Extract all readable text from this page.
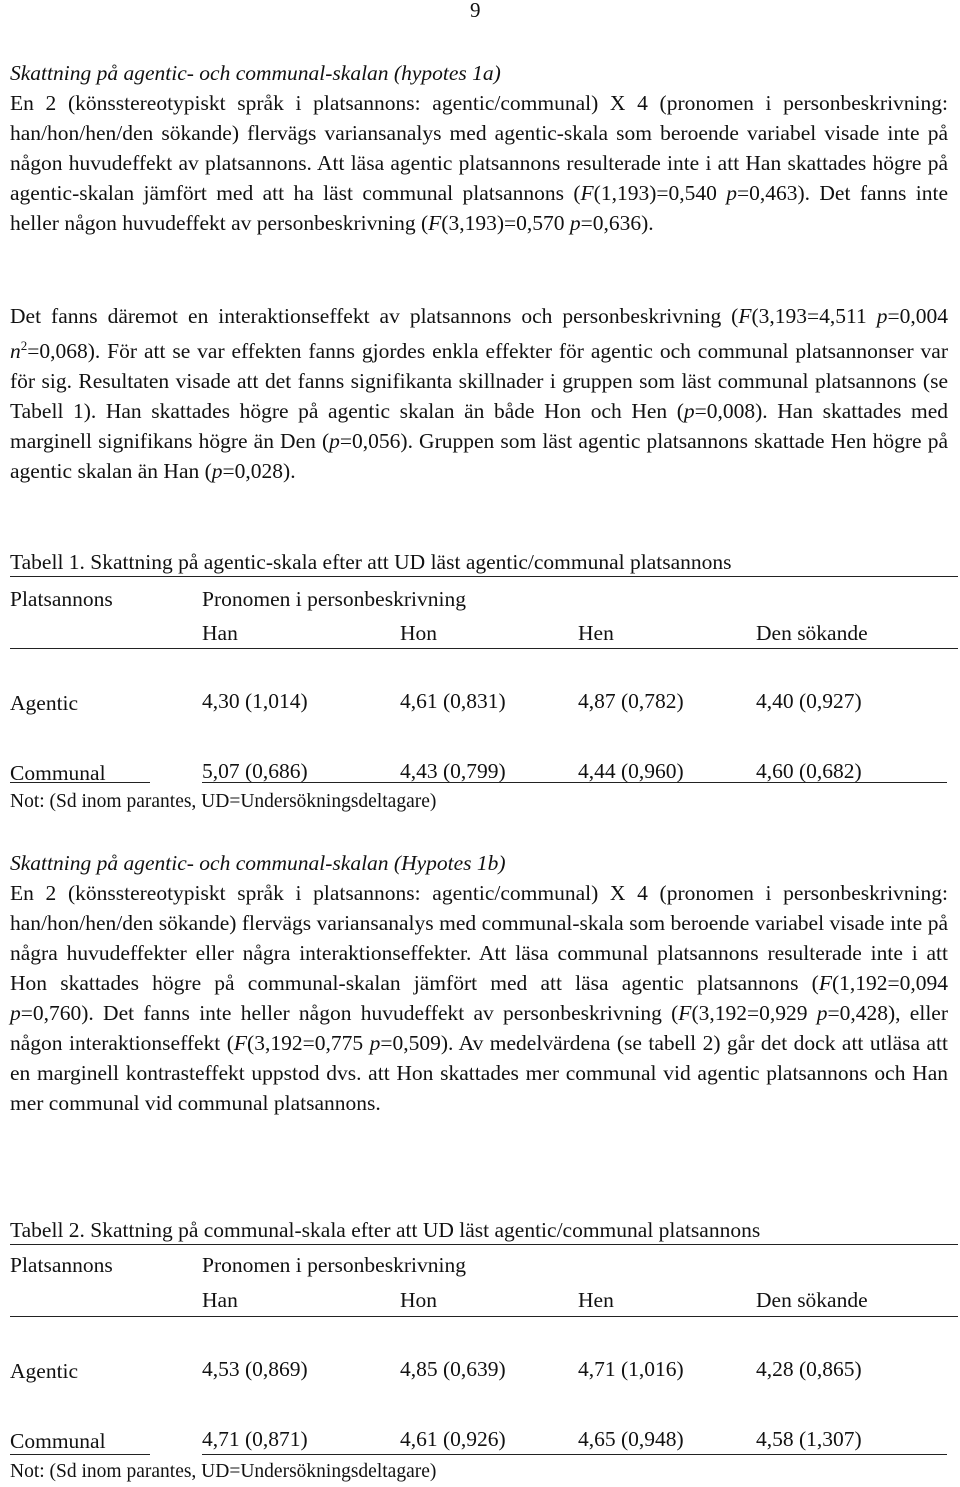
9
Skattning på agentic- och communal-skalan (hypotes 1a)

En 2 (könsstereotypiskt språk i platsannons: agentic/communal) X 4 (pronomen i personbeskrivning: han/hon/hen/den sökande) flervägs variansanalys med agentic-skala som beroende variabel visade inte på någon huvudeffekt av platsannons. Att läsa agentic platsannons resulterade inte i att Han skattades högre på agentic-skalan jämfört med att ha läst communal platsannons (F(1,193)=0,540 p=0,463). Det fanns inte heller någon huvudeffekt av personbeskrivning (F(3,193)=0,570 p=0,636).

Det fanns däremot en interaktionseffekt av platsannons och personbeskrivning (F(3,193=4,511 p=0,004 $n^2=0,068$). För att se var effekten fanns gjordes enkla effekter för agentic och communal platsannonser var för sig. Resultaten visade att det fanns signifikanta skillnader i gruppen som läst communal platsannons (se Tabell 1). Han skattades högre på agentic skalan än både Hon och Hen (p=0,008). Han skattades med marginell signifikans högre än Den (p=0,056). Gruppen som läst agentic platsannons skattade Hen högre på agentic skalan än Han (p=0,028).

Tabell 1. Skattning på agentic-skala efter att UD läst agentic/communal platsannons
Platsannons	Pronomen i personbeskrivning
Han	Hon	Hen	Den sökande
Agentic	4,30 (1,014)	4,61 (0,831)	4,87 (0,782)	4,40 (0,927)
Communal	5,07 (0,686)	4,43 (0,799)	4,44 (0,960)	4,60 (0,682)
Not: (Sd inom parantes, UD=Undersökningsdeltagare)
Skattning på agentic- och communal-skalan (Hypotes 1b)

En 2 (könsstereotypiskt språk i platsannons: agentic/communal) X 4 (pronomen i personbeskrivning: han/hon/hen/den sökande) flervägs variansanalys med communal-skala som beroende variabel visade inte på några huvudeffekter eller några interaktionseffekter. Att läsa communal platsannons resulterade inte i att Hon skattades högre på communal-skalan jämfört med att läsa agentic platsannons (F(1,192=0,094 p=0,760). Det fanns inte heller någon huvudeffekt av personbeskrivning (F(3,192=0,929 p=0,428), eller någon interaktionseffekt (F(3,192=0,775 p=0,509). Av medelvärdena (se tabell 2) går det dock att utläsa att en marginell kontrasteffekt uppstod dvs. att Hon skattades mer communal vid agentic platsannons och Han mer communal vid communal platsannons.

Tabell 2. Skattning på communal-skala efter att UD läst agentic/communal platsannons
Platsannons	Pronomen i personbeskrivning
Han	Hon	Hen	Den sökande
Agentic	4,53 (0,869)	4,85 (0,639)	4,71 (1,016)	4,28 (0,865)
Communal	4,71 (0,871)	4,61 (0,926)	4,65 (0,948)	4,58 (1,307)
Not: (Sd inom parantes, UD=Undersökningsdeltagare)
